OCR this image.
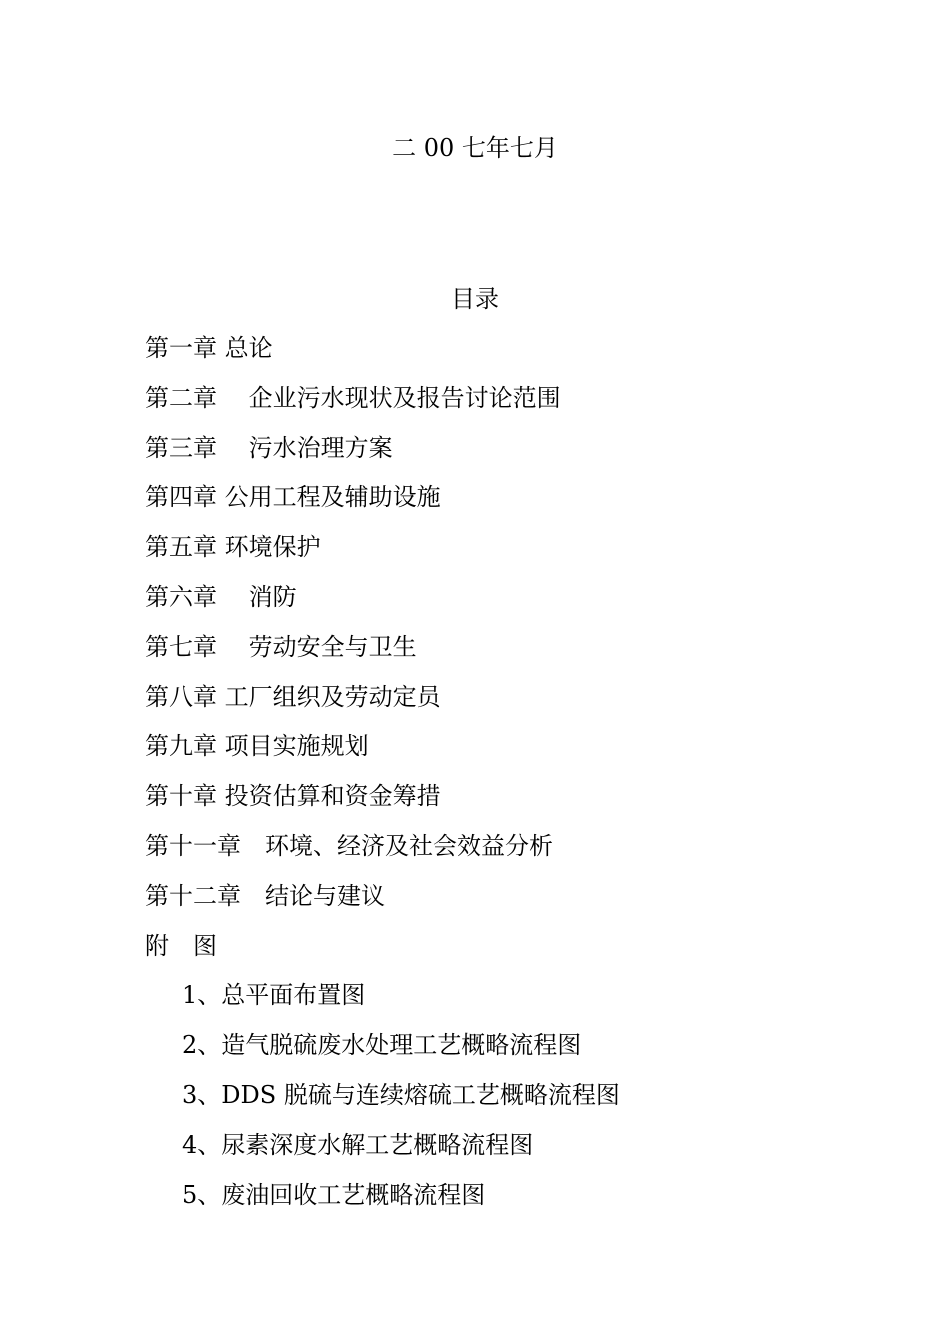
二 00 七年七月
目录
第一章 总论
第二章　 企业污水现状及报告讨论范围
第三章　 污水治理方案
第四章 公用工程及辅助设施
第五章 环境保护
第六章　 消防
第七章　 劳动安全与卫生
第八章 工厂组织及劳动定员
第九章 项目实施规划
第十章 投资估算和资金筹措
第十一章　环境、经济及社会效益分析
第十二章　结论与建议
附　图
1、总平面布置图
2、造气脱硫废水处理工艺概略流程图
3、DDS 脱硫与连续熔硫工艺概略流程图
4、尿素深度水解工艺概略流程图
5、废油回收工艺概略流程图
